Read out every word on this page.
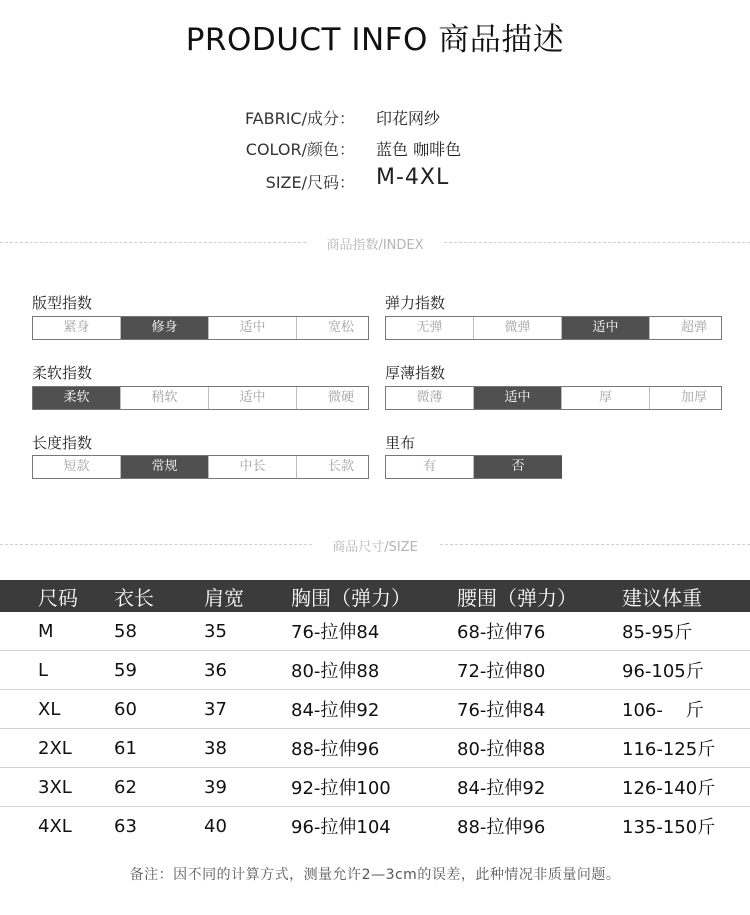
PRODUCT INFO 商品描述
FABRIC/成分： 印花网纱
COLOR/颜色： 蓝色 咖啡色
SIZE/尺码： M-4XL
商品指数/INDEX
版型指数
紧身	修身	适中	宽松
弹力指数
无弹	微弹	适中	超弹
柔软指数
柔软	稍软	适中	微硬
厚薄指数
微薄	适中	厚	加厚
长度指数
短款	常规	中长	长款
里布
有	否
商品尺寸/SIZE
尺码	衣长	肩宽	胸围（弹力）	腰围（弹力）	建议体重
M	58	35	76-拉伸84	68-拉伸76	85-95斤
L	59	36	80-拉伸88	72-拉伸80	96-105斤
XL	60	37	84-拉伸92	76-拉伸84	106-    斤
2XL	61	38	88-拉伸96	80-拉伸88	116-125斤
3XL	62	39	92-拉伸100	84-拉伸92	126-140斤
4XL	63	40	96-拉伸104	88-拉伸96	135-150斤
备注：因不同的计算方式，测量允许2—3cm的误差，此种情况非质量问题。
